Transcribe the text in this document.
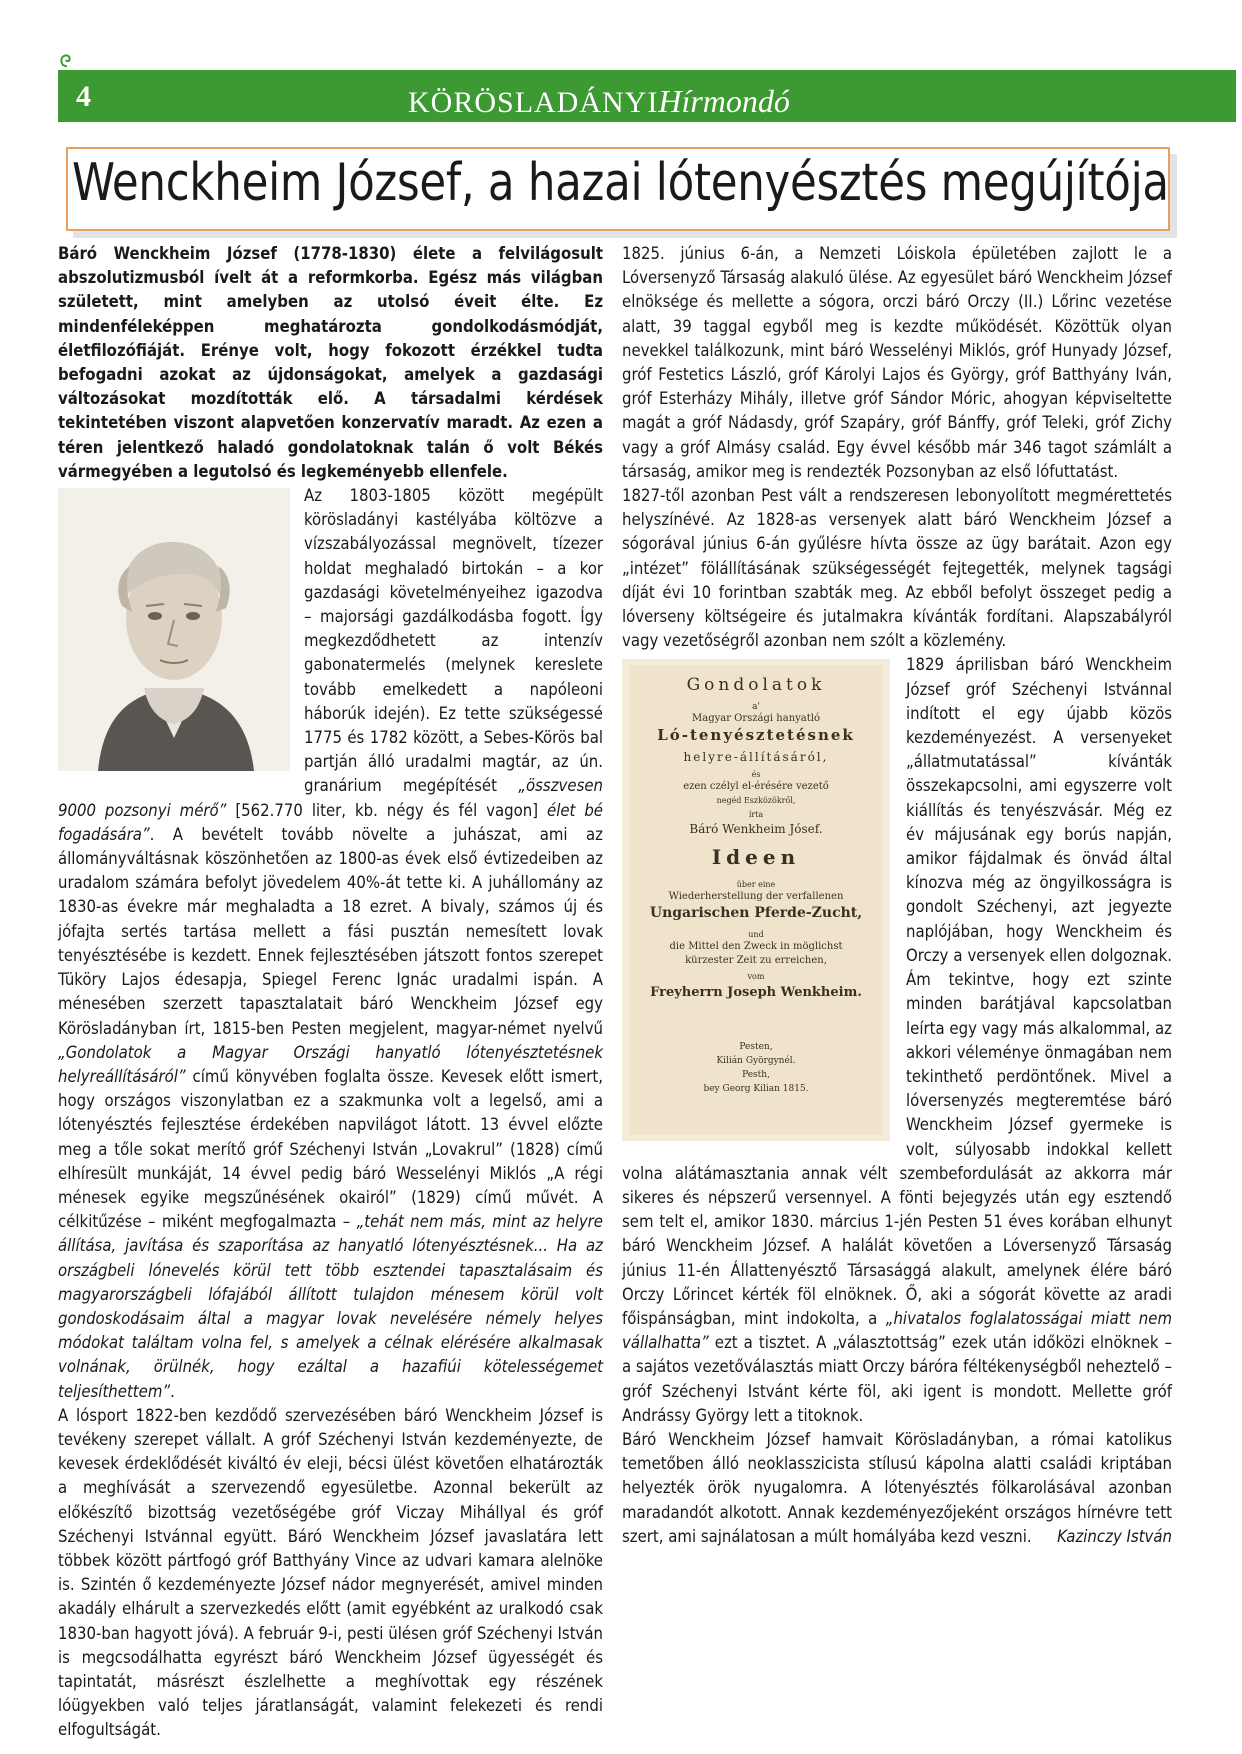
4	KÖRÖSLADÁNYIHírmondó
Wenckheim József, a hazai lótenyésztés megújítója

Báró Wenckheim József (1778-1830) élete a felvilágosult abszolutizmusból ívelt át a reformkorba. Egész más világban született, mint amelyben az utolsó éveit élte. Ez mindenféleképpen meghatározta gondolkodásmódját, életfilozófiáját. Erénye volt, hogy fokozott érzékkel tudta befogadni azokat az újdonságokat, amelyek a gazdasági változásokat mozdították elő. A társadalmi kérdések tekintetében viszont alapvetően konzervatív maradt. Az ezen a téren jelentkező haladó gondolatoknak talán ő volt Békés vármegyében a legutolsó és legkeményebb ellenfele.

Az 1803-1805 között megépült körösladányi kastélyába költözve a vízszabályozással megnövelt, tízezer holdat meghaladó birtokán – a kor gazdasági követelményeihez igazodva – majorsági gazdálkodásba fogott. Így megkezdődhetett az intenzív gabonatermelés (melynek kereslete tovább emelkedett a napóleoni háborúk idején). Ez tette szükségessé 1775 és 1782 között, a Sebes-Körös bal partján álló uradalmi magtár, az ún. granárium megépítését „összvesen 9000 pozsonyi mérő” [562.770 liter, kb. négy és fél vagon] élet bé fogadására”. A bevételt tovább növelte a juhászat, ami az állományváltásnak köszönhetően az 1800-as évek első évtizedeiben az uradalom számára befolyt jövedelem 40%-át tette ki. A juhállomány az 1830-as évekre már meghaladta a 18 ezret. A bivaly, számos új és jófajta sertés tartása mellett a fási pusztán nemesített lovak tenyésztésébe is kezdett. Ennek fejlesztésében játszott fontos szerepet Tüköry Lajos édesapja, Spiegel Ferenc Ignác uradalmi ispán. A ménesében szerzett tapasztalatait báró Wenckheim József egy Körösladányban írt, 1815-ben Pesten megjelent, magyar-német nyelvű „Gondolatok a Magyar Országi hanyatló lótenyésztetésnek helyreállításáról” című könyvében foglalta össze. Kevesek előtt ismert, hogy országos viszonylatban ez a szakmunka volt a legelső, ami a lótenyésztés fejlesztése érdekében napvilágot látott. 13 évvel előzte meg a tőle sokat merítő gróf Széchenyi István „Lovakrul” (1828) című elhíresült munkáját, 14 évvel pedig báró Wesselényi Miklós „A régi ménesek egyike megszűnésének okairól” (1829) című művét. A célkitűzése – miként megfogalmazta – „tehát nem más, mint az helyre állítása, javítása és szaporítása az hanyatló lótenyésztésnek... Ha az országbeli lónevelés körül tett több esztendei tapasztalásaim és magyarországbeli lófajából állított tulajdon ménesem körül volt gondoskodásaim által a magyar lovak nevelésére némely helyes módokat találtam volna fel, s amelyek a célnak elérésére alkalmasak volnának, örülnék, hogy ezáltal a hazafiúi kötelességemet teljesíthettem”.

A lósport 1822-ben kezdődő szervezésében báró Wenckheim József is tevékeny szerepet vállalt. A gróf Széchenyi István kezdeményezte, de kevesek érdeklődését kiváltó év eleji, bécsi ülést követően elhatározták a meghívását a szervezendő egyesületbe. Azonnal bekerült az előkészítő bizottság vezetőségébe gróf Viczay Mihállyal és gróf Széchenyi Istvánnal együtt. Báró Wenckheim József javaslatára lett többek között pártfogó gróf Batthyány Vince az udvari kamara alelnöke is. Szintén ő kezdeményezte József nádor megnyerését, amivel minden akadály elhárult a szervezkedés előtt (amit egyébként az uralkodó csak 1830-ban hagyott jóvá). A február 9-i, pesti ülésen gróf Széchenyi István is megcsodálhatta egyrészt báró Wenckheim József ügyességét és tapintatát, másrészt észlelhette a meghívottak egy részének lóügyekben való teljes járatlanságát, valamint felekezeti és rendi elfogultságát.

1825. június 6-án, a Nemzeti Lóiskola épületében zajlott le a Lóversenyző Társaság alakuló ülése. Az egyesület báró Wenckheim József elnöksége és mellette a sógora, orczi báró Orczy (II.) Lőrinc vezetése alatt, 39 taggal egyből meg is kezdte működését. Közöttük olyan nevekkel találkozunk, mint báró Wesselényi Miklós, gróf Hunyady József, gróf Festetics László, gróf Károlyi Lajos és György, gróf Batthyány Iván, gróf Esterházy Mihály, illetve gróf Sándor Móric, ahogyan képviseltette magát a gróf Nádasdy, gróf Szapáry, gróf Bánffy, gróf Teleki, gróf Zichy vagy a gróf Almásy család. Egy évvel később már 346 tagot számlált a társaság, amikor meg is rendezték Pozsonyban az első lófuttatást.

1827-től azonban Pest vált a rendszeresen lebonyolított megmérettetés helyszínévé. Az 1828-as versenyek alatt báró Wenckheim József a sógorával június 6-án gyűlésre hívta össze az ügy barátait. Azon egy „intézet” fölállításának szükségességét fejtegették, melynek tagsági díját évi 10 forintban szabták meg. Az ebből befolyt összeget pedig a lóverseny költségeire és jutalmakra kívánták fordítani. Alapszabályról vagy vezetőségről azonban nem szólt a közlemény.

Gondolatok
a'
Magyar Országi hanyatló
Ló-tenyésztetésnek
helyre-állításáról,
és
ezen czélyl el-érésére vezető
negéd Eszközökről,
írta
Báró Wenkheim Jósef.
Ideen
über eine
Wiederherstellung der verfallenen
Ungarischen Pferde-Zucht,
und
die Mittel den Zweck in möglichst
kürzester Zeit zu erreichen,
vom
Freyherrn Joseph Wenkheim.
Pesten,
Kilián Györgynél.
Pesth,
bey Georg Kilian 1815.

1829 áprilisban báró Wenckheim József gróf Széchenyi Istvánnal indított el egy újabb közös kezdeményezést. A versenyeket „állatmutatással” kívánták összekapcsolni, ami egyszerre volt kiállítás és tenyészvásár. Még ez év májusának egy borús napján, amikor fájdalmak és önvád által kínozva még az öngyilkosságra is gondolt Széchenyi, azt jegyezte naplójában, hogy Wenckheim és Orczy a versenyek ellen dolgoznak. Ám tekintve, hogy ezt szinte minden barátjával kapcsolatban leírta egy vagy más alkalommal, az akkori véleménye önmagában nem tekinthető perdöntőnek. Mivel a lóversenyzés megteremtése báró Wenckheim József gyermeke is volt, súlyosabb indokkal kellett volna alátámasztania annak vélt szembefordulását az akkorra már sikeres és népszerű versennyel. A fönti bejegyzés után egy esztendő sem telt el, amikor 1830. március 1-jén Pesten 51 éves korában elhunyt báró Wenckheim József. A halálát követően a Lóversenyző Társaság június 11-én Állattenyésztő Társasággá alakult, amelynek élére báró Orczy Lőrincet kérték föl elnöknek. Ő, aki a sógorát követte az aradi főispánságban, mint indokolta, a „hivatalos foglalatosságai miatt nem vállalhatta” ezt a tisztet. A „választottság” ezek után időközi elnöknek – a sajátos vezetőválasztás miatt Orczy báróra féltékenységből neheztelő – gróf Széchenyi Istvánt kérte föl, aki igent is mondott. Mellette gróf Andrássy György lett a titoknok.

Báró Wenckheim József hamvait Körösladányban, a római katolikus temetőben álló neoklasszicista stílusú kápolna alatti családi kriptában helyezték örök nyugalomra. A lótenyésztés fölkarolásával azonban maradandót alkotott. Annak kezdeményezőjeként országos hírnévre tett szert, ami sajnálatosan a múlt homályába kezd veszni. Kazinczy István
